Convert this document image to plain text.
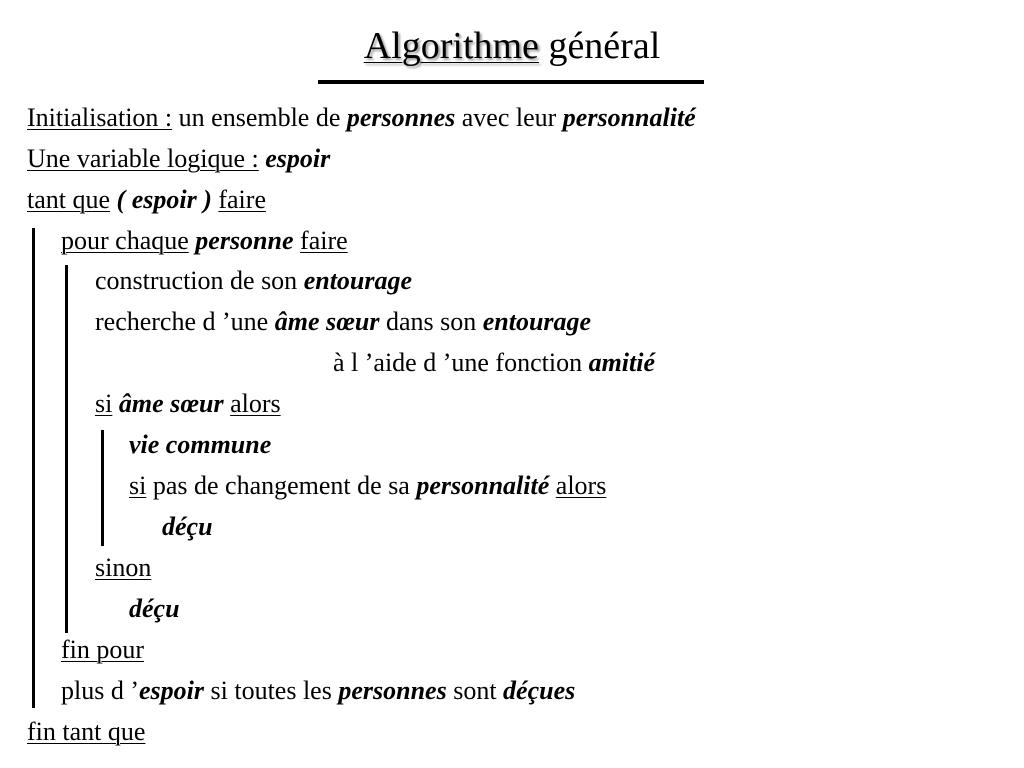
Algorithme général
Initialisation : un ensemble de personnes avec leur personnalité
Une variable logique : espoir
tant que ( espoir ) faire
pour chaque personne faire
construction de son entourage
recherche d ’une âme sœur dans son entourage
à l ’aide d ’une fonction amitié
si âme sœur alors
vie commune
si pas de changement de sa personnalité alors
déçu
sinon
déçu
fin pour
plus d ’espoir si toutes les personnes sont déçues
fin tant que
